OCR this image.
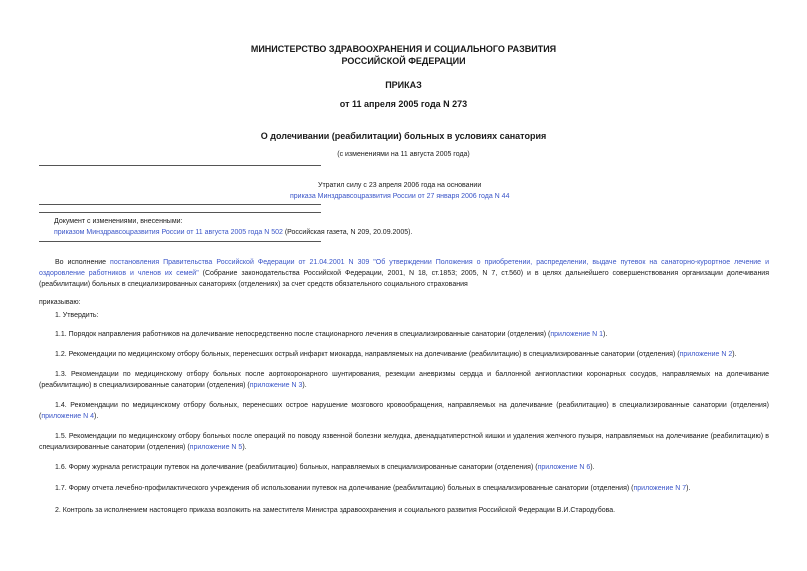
МИНИСТЕРСТВО ЗДРАВООХРАНЕНИЯ И СОЦИАЛЬНОГО РАЗВИТИЯ
РОССИЙСКОЙ ФЕДЕРАЦИИ
ПРИКАЗ
от 11 апреля 2005 года N 273
О долечивании (реабилитации) больных в условиях санатория
(с изменениями на 11 августа 2005 года)
Утратил силу с 23 апреля 2006 года на основании
приказа Минздравсоцразвития России от 27 января 2006 года N 44
Документ с изменениями, внесенными:
приказом Минздравсоцразвития России от 11 августа 2005 года N 502 (Российская газета, N 209, 20.09.2005).
Во исполнение постановления Правительства Российской Федерации от 21.04.2001 N 309 "Об утверждении Положения о приобретении, распределении, выдаче путевок на санаторно-курортное лечение и оздоровление работников и членов их семей" (Собрание законодательства Российской Федерации, 2001, N 18, ст.1853; 2005, N 7, ст.560) и в целях дальнейшего совершенствования организации долечивания (реабилитации) больных в специализированных санаториях (отделениях) за счет средств обязательного социального страхования
приказываю:
1. Утвердить:
1.1. Порядок направления работников на долечивание непосредственно после стационарного лечения в специализированные санатории (отделения) (приложение N 1).
1.2. Рекомендации по медицинскому отбору больных, перенесших острый инфаркт миокарда, направляемых на долечивание (реабилитацию) в специализированные санатории (отделения) (приложение N 2).
1.3. Рекомендации по медицинскому отбору больных после аортокоронарного шунтирования, резекции аневризмы сердца и баллонной ангиопластики коронарных сосудов, направляемых на долечивание (реабилитацию) в специализированные санатории (отделения) (приложение N 3).
1.4. Рекомендации по медицинскому отбору больных, перенесших острое нарушение мозгового кровообращения, направляемых на долечивание (реабилитацию) в специализированные санатории (отделения) (приложение N 4).
1.5. Рекомендации по медицинскому отбору больных после операций по поводу язвенной болезни желудка, двенадцатиперстной кишки и удаления желчного пузыря, направляемых на долечивание (реабилитацию) в специализированные санатории (отделения) (приложение N 5).
1.6. Форму журнала регистрации путевок на долечивание (реабилитацию) больных, направляемых в специализированные санатории (отделения) (приложение N 6).
1.7. Форму отчета лечебно-профилактического учреждения об использовании путевок на долечивание (реабилитацию) больных в специализированные санатории (отделения) (приложение N 7).
2. Контроль за исполнением настоящего приказа возложить на заместителя Министра здравоохранения и социального развития Российской Федерации В.И.Стародубова.
